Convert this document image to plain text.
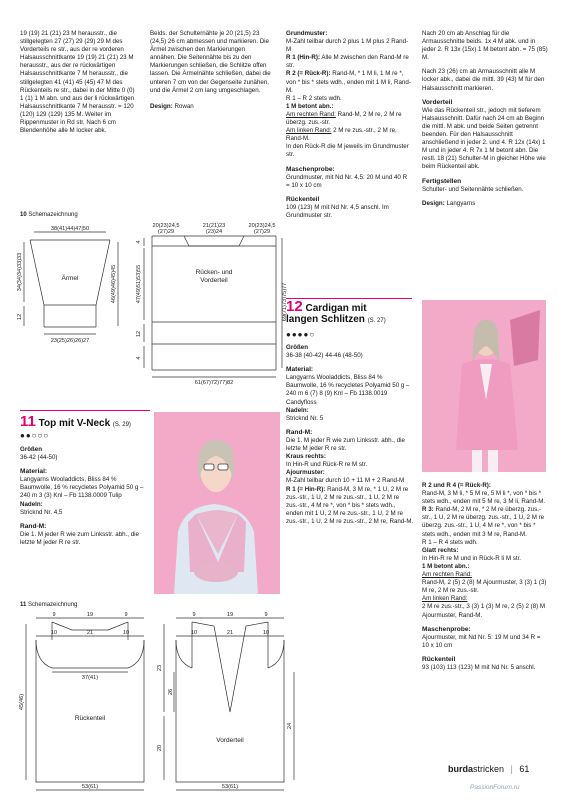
19 (19) 21 (21) 23 M herausstr., die stillgelegten 27 (27) 29 (29) 29 M des Vorderteils re str., aus der re vorderen Halsausschnittkante 19 (19) 21 (21) 23 M herausstr., aus der re rückwärtigen Halsausschnittkante 7 M herausstr., die stillgelegten 41 (41) 45 (45) 47 M des Rückenteils re str., dabei in der Mitte 0 (0) 1 (1) 1 M abn. und aus der li rückwärtigen Halsausschnittkante 7 M herausstr. = 120 (120) 129 (129) 135 M. Weiter im Rippenmuster in Rd str. Nach 6 cm Blendenhöhe alle M locker abk.

Beids. der Schulternähte je 20 (21,5) 23 (24,5) 26 cm abmessen und markieren. Die Ärmel zwischen den Markierungen annähen. Die Seitennähte bis zu den Markierungen schließen, die Schlitze offen lassen. Die Ärmelnähte schließen, dabei die unteren 7 cm von der Gegenseite zunähen, und die Ärmel 2 cm lang umgeschlagen.

Design: Rowan

Grundmuster:
M-Zahl teilbar durch 2 plus 1 M plus 2 Rand-M
R 1 (Hin-R): Alle M zwischen den Rand-M re str.
R 2 (= Rück-R): Rand-M, * 1 M li, 1 M re *, von * bis * stets wdh., enden mit 1 M li, Rand-M.
R 1 – R 2 stets wdh.
1 M betont abn.:
Am rechten Rand: Rand-M, 2 M re, 2 M re überzg. zus.-str.
Am linken Rand: 2 M re zus.-str., 2 M re, Rand-M.
In den Rück-R die M jeweils im Grundmuster str.

Maschenprobe:
Grundmuster, mit Nd Nr. 4,5: 20 M und 40 R = 10 x 10 cm

Rückenteil
109 (123) M mit Nd Nr. 4,5 anschl. Im Grundmuster str.

Nach 20 cm ab Anschlag für die Armausschnitte beids. 1x 4 M abk. und in jeder 2. R 13x (15x) 1 M betont abn. = 75 (85) M.

Nach 23 (26) cm ab Armausschnitt alle M locker abk., dabei die mittl. 39 (43) M für den Halsausschnitt markieren.

Vorderteil

Wie das Rückenteil str., jedoch mit tieferem Halsausschnitt. Dafür nach 24 cm ab Beginn die mittl. M abk. und beide Seiten getrennt beenden. Für den Halsausschnitt anschließend in jeder 2. und 4. R 12x (14x) 1 M und in jeder 4. R 7x 1 M betont abn. Die restl. 18 (21) Schulter-M in gleicher Höhe wie beim Rückenteil abk.

Fertigstellen

Schulter- und Seitennähte schließen.

Design: Langyarns

10 Schemazeichnung
38(41)44)47|50
23(25)26)26)27
Ärmel
34(34)34)33)33
12
46(49)46)45)45
20(23)24,5
(27)29
21(21)23
(23)24
20(23)24,5
(27)29
4
47(49)51)53)55
12
4
69(71)73)75)77
61(67)72)77)82
Rücken- und
Vorderteil
11 Top mit V-Neck (S. 29)
●●○○○
Größen
36-42 (44-50)

Material:
Langyarns Wooladdicts, Bliss 84 % Baumwolle, 16 % recycletes Polyamid 50 g – 240 m 3 (3) Knl – Fb 1138.0009 Tulip
Nadeln:
Stricknd Nr. 4,5

Rand-M:
Die 1. M jeder R wie zum Linksstr. abh., die letzte M jeder R re str.
11 Schemazeichnung
9	19	9
10	21	10
37(41)
Rückenteil
53(61)
45(46)
9	19	9
10	21	10
23
26
20
24
Vorderteil
53(61)
12 Cardigan mit
langen Schlitzen (S. 27)
●●●●○
Größen
36-38 (40-42) 44-46 (48-50)

Material:
Langyarns Wooladdicts, Bliss 84 % Baumwolle, 16 % recycletes Polyamid 50 g – 240 m 6 (7) 8 (9) Knl – Fb 1138.0019 Candyfloss
Nadeln:
Stricknd Nr. 5

Rand-M:
Die 1. M jeder R wie zum Linksstr. abh., die letzte M jeder R re str.
Kraus rechts:
In Hin-R und Rück-R re M str.
Ajourmuster:
M-Zahl teilbar durch 10 + 11 M + 2 Rand-M
R 1 (= Hin-R): Rand-M, 3 M re, * 1 U, 2 M re zus.-str., 1 U, 2 M re zus.-str., 1 U, 2 M re zus.-str., 4 M re *, von * bis * stets wdh., enden mit 1 U, 2 M re zus.-str., 1 U, 2 M re zus.-str., 1 U, 2 M re zus.-str., 2 M re, Rand-M.
R 2 und R 4 (= Rück-R):
Rand-M, 3 M li, * 5 M re, 5 M li *, von * bis * stets wdh., enden mit 5 M re, 3 M li, Rand-M.
R 3: Rand-M, 2 M re, * 2 M re überzg. zus.-str., 1 U, 2 M re überzg. zus.-str., 1 U, 2 M re überzg. zus.-str., 1 U, 4 M re *, von * bis * stets wdh., enden mit 3 M re, Rand-M.
R 1 – R 4 stets wdh.
Glatt rechts:
In Hin-R re M und in Rück-R li M str.
1 M betont abn.:
Am rechten Rand:
Rand-M, 2 (5) 2 (8) M Ajourmuster, 3 (3) 1 (3) M re, 2 M re zus.-str.
Am linken Rand:
2 M re zus.-str., 3 (3) 1 (3) M re, 2 (5) 2 (8) M Ajourmuster, Rand-M.

Maschenprobe:
Ajourmuster, mit Nd Nr. 5: 19 M und 34 R = 10 x 10 cm

Rückenteil
93 (103) 113 (123) M mit Nd Nr. 5 anschl.
burdastricken | 61
PassionForum.ru
